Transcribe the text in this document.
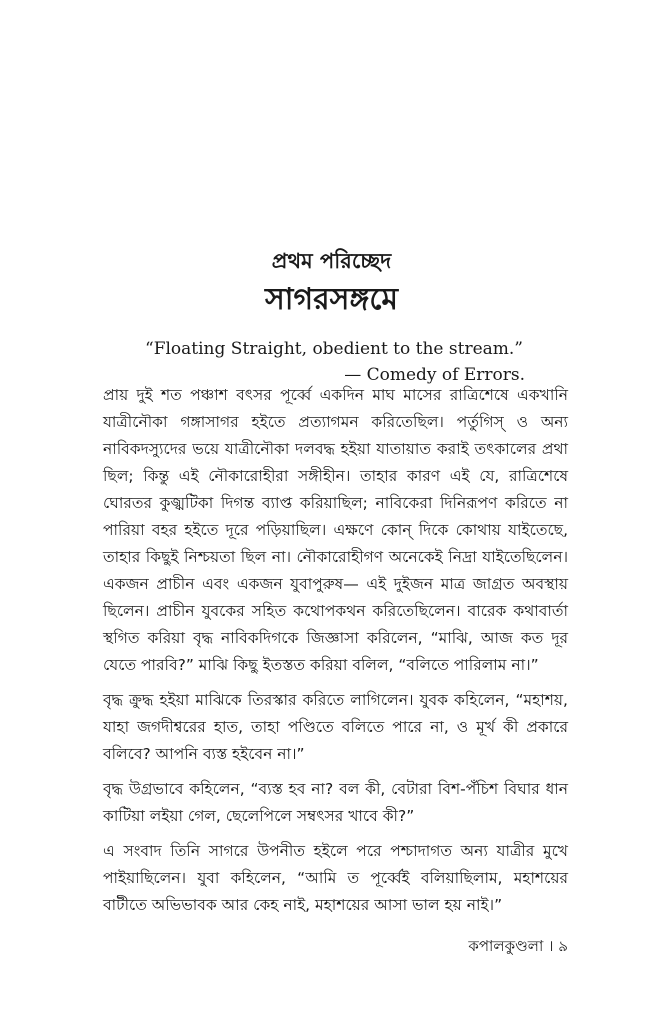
প্রথম পরিচ্ছেদ
সাগরসঙ্গমে
“Floating Straight, obedient to the stream.”
— Comedy of Errors.

প্রায় দুই শত পঞ্চাশ বৎসর পূর্ব্বে একদিন মাঘ মাসের রাত্রিশেষে একখানি যাত্রীনৌকা গঙ্গাসাগর হইতে প্রত্যাগমন করিতেছিল। পর্তুগিস্ ও অন্য নাবিকদস্যুদের ভয়ে যাত্রীনৌকা দলবদ্ধ হইয়া যাতায়াত করাই তৎকালের প্রথা ছিল; কিন্তু এই নৌকারোহীরা সঙ্গীহীন। তাহার কারণ এই যে, রাত্রিশেষে ঘোরতর কুজ্ঝটিকা দিগন্ত ব্যাপ্ত করিয়াছিল; নাবিকেরা দিনিরূপণ করিতে না পারিয়া বহর হইতে দূরে পড়িয়াছিল। এক্ষণে কোন্ দিকে কোথায় যাইতেছে, তাহার কিছুই নিশ্চয়তা ছিল না। নৌকারোহীগণ অনেকেই নিদ্রা যাইতেছিলেন। একজন প্রাচীন এবং একজন যুবাপুরুষ— এই দুইজন মাত্র জাগ্রত অবস্থায় ছিলেন। প্রাচীন যুবকের সহিত কথোপকথন করিতেছিলেন। বারেক কথাবার্তা স্থগিত করিয়া বৃদ্ধ নাবিকদিগকে জিজ্ঞাসা করিলেন, “মাঝি, আজ কত দূর যেতে পারবি?” মাঝি কিছু ইতস্তত করিয়া বলিল, “বলিতে পারিলাম না।”

বৃদ্ধ ক্রুদ্ধ হইয়া মাঝিকে তিরস্কার করিতে লাগিলেন। যুবক কহিলেন, “মহাশয়, যাহা জগদীশ্বরের হাত, তাহা পণ্ডিতে বলিতে পারে না, ও মূর্খ কী প্রকারে বলিবে? আপনি ব্যস্ত হইবেন না।”

বৃদ্ধ উগ্রভাবে কহিলেন, “ব্যস্ত হব না? বল কী, বেটারা বিশ-পঁচিশ বিঘার ধান কাটিয়া লইয়া গেল, ছেলেপিলে সম্বৎসর খাবে কী?”

এ সংবাদ তিনি সাগরে উপনীত হইলে পরে পশ্চাদাগত অন্য যাত্রীর মুখে পাইয়াছিলেন। যুবা কহিলেন, “আমি ত পূর্ব্বেই বলিয়াছিলাম, মহাশয়ের বাটীতে অভিভাবক আর কেহ নাই, মহাশয়ের আসা ভাল হয় নাই।”

কপালকুণ্ডলা । ৯
